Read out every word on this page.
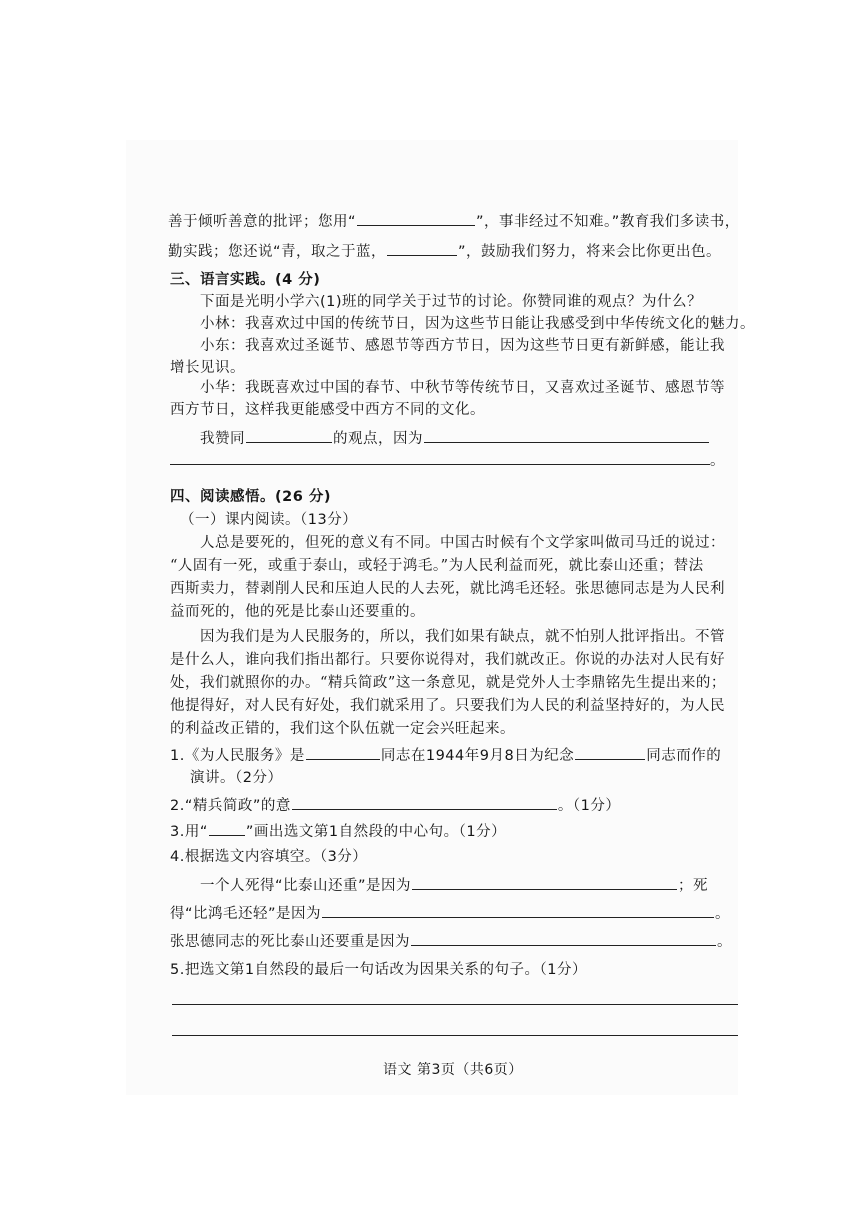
善于倾听善意的批评；您用“	”，事非经过不知难。”教育我们多读书，
勤实践；您还说“青，取之于蓝，	”，鼓励我们努力，将来会比你更出色。
三、语言实践。(4 分)
下面是光明小学六(1)班的同学关于过节的讨论。你赞同谁的观点？为什么？
小林：我喜欢过中国的传统节日，因为这些节日能让我感受到中华传统文化的魅力。
小东：我喜欢过圣诞节、感恩节等西方节日，因为这些节日更有新鲜感，能让我
增长见识。
小华：我既喜欢过中国的春节、中秋节等传统节日，又喜欢过圣诞节、感恩节等
西方节日，这样我更能感受中西方不同的文化。
我赞同	的观点，因为
。
四、阅读感悟。(26 分)
（一）课内阅读。（13分）
人总是要死的，但死的意义有不同。中国古时候有个文学家叫做司马迁的说过：
“人固有一死，或重于泰山，或轻于鸿毛。”为人民利益而死，就比泰山还重；替法
西斯卖力，替剥削人民和压迫人民的人去死，就比鸿毛还轻。张思德同志是为人民利
益而死的，他的死是比泰山还要重的。
因为我们是为人民服务的，所以，我们如果有缺点，就不怕别人批评指出。不管
是什么人，谁向我们指出都行。只要你说得对，我们就改正。你说的办法对人民有好
处，我们就照你的办。“精兵简政”这一条意见，就是党外人士李鼎铭先生提出来的；
他提得好，对人民有好处，我们就采用了。只要我们为人民的利益坚持好的，为人民
的利益改正错的，我们这个队伍就一定会兴旺起来。
1.《为人民服务》是	同志在1944年9月8日为纪念	同志而作的
演讲。（2分）
2.“精兵简政”的意	。（1分）
3.用“	”画出选文第1自然段的中心句。（1分）
4.根据选文内容填空。（3分）
一个人死得“比泰山还重”是因为	；死
得“比鸿毛还轻”是因为	。
张思德同志的死比泰山还要重是因为	。
5.把选文第1自然段的最后一句话改为因果关系的句子。（1分）
语文 第3页（共6页）
